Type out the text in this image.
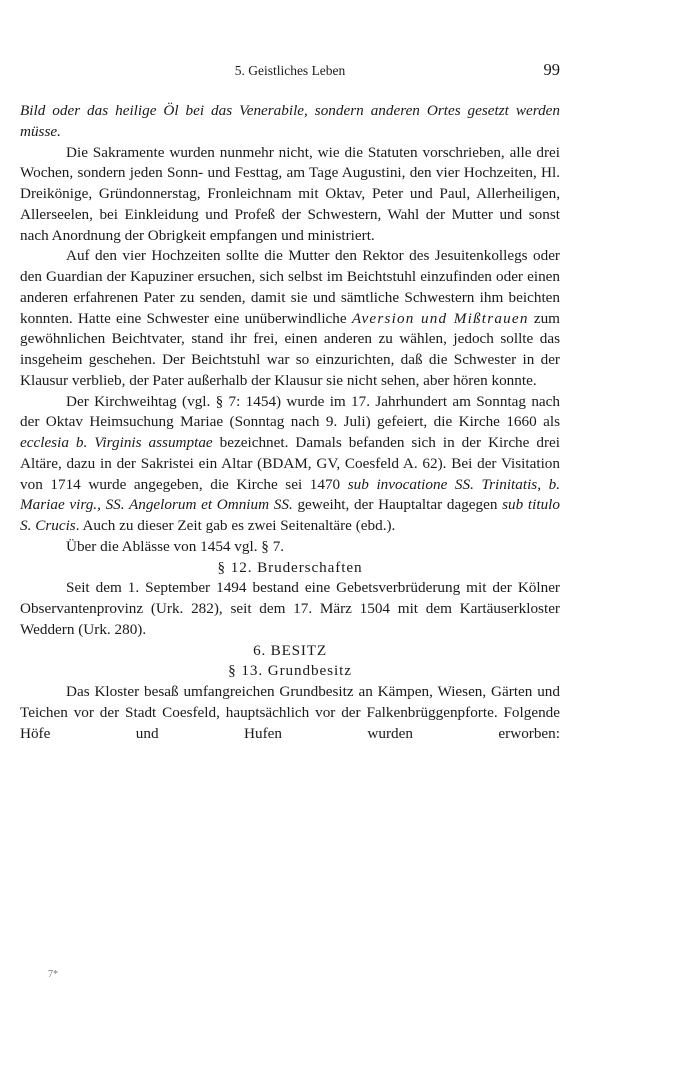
5. Geistliches Leben	99

Bild oder das heilige Öl bei das Venerabile, sondern anderen Ortes gesetzt werden müsse.

Die Sakramente wurden nunmehr nicht, wie die Statuten vorschrieben, alle drei Wochen, sondern jeden Sonn- und Festtag, am Tage Augustini, den vier Hochzeiten, Hl. Dreikönige, Gründonnerstag, Fronleichnam mit Oktav, Peter und Paul, Allerheiligen, Allerseelen, bei Einkleidung und Profeß der Schwestern, Wahl der Mutter und sonst nach Anordnung der Obrigkeit empfangen und ministriert.

Auf den vier Hochzeiten sollte die Mutter den Rektor des Jesuitenkollegs oder den Guardian der Kapuziner ersuchen, sich selbst im Beichtstuhl einzufinden oder einen anderen erfahrenen Pater zu senden, damit sie und sämtliche Schwestern ihm beichten konnten. Hatte eine Schwester eine unüberwindliche Aversion und Mißtrauen zum gewöhnlichen Beichtvater, stand ihr frei, einen anderen zu wählen, jedoch sollte das insgeheim geschehen. Der Beichtstuhl war so einzurichten, daß die Schwester in der Klausur verblieb, der Pater außerhalb der Klausur sie nicht sehen, aber hören konnte.

Der Kirchweihtag (vgl. § 7: 1454) wurde im 17. Jahrhundert am Sonntag nach der Oktav Heimsuchung Mariae (Sonntag nach 9. Juli) gefeiert, die Kirche 1660 als ecclesia b. Virginis assumptae bezeichnet. Damals befanden sich in der Kirche drei Altäre, dazu in der Sakristei ein Altar (BDAM, GV, Coesfeld A. 62). Bei der Visitation von 1714 wurde angegeben, die Kirche sei 1470 sub invocatione SS. Trinitatis, b. Mariae virg., SS. Angelorum et Omnium SS. geweiht, der Hauptaltar dagegen sub titulo S. Crucis. Auch zu dieser Zeit gab es zwei Seitenaltäre (ebd.).

Über die Ablässe von 1454 vgl. § 7.

§ 12. Bruderschaften

Seit dem 1. September 1494 bestand eine Gebetsverbrüderung mit der Kölner Observantenprovinz (Urk. 282), seit dem 17. März 1504 mit dem Kartäuserkloster Weddern (Urk. 280).

6. BESITZ

§ 13. Grundbesitz

Das Kloster besaß umfangreichen Grundbesitz an Kämpen, Wiesen, Gärten und Teichen vor der Stadt Coesfeld, hauptsächlich vor der Falkenbrüggenpforte. Folgende Höfe und Hufen wurden erworben:

7*
